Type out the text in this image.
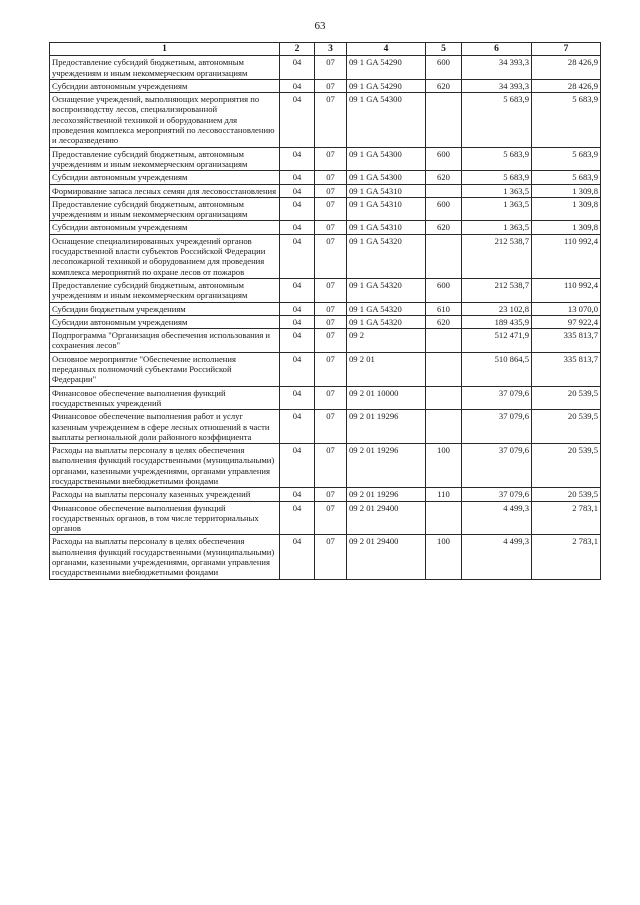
63
1	2	3	4	5	6	7
Предоставление субсидий бюджетным, автономным учреждениям и иным некоммерческим организациям	04	07	09 1 GA 54290	600	34 393,3	28 426,9
Субсидии автономным учреждениям	04	07	09 1 GA 54290	620	34 393,3	28 426,9
Оснащение учреждений, выполняющих мероприятия по воспроизводству лесов, специализированной лесохозяйственной техникой и оборудованием для проведения комплекса мероприятий по лесовосстановлению и лесоразведению	04	07	09 1 GA 54300		5 683,9	5 683,9
Предоставление субсидий бюджетным, автономным учреждениям и иным некоммерческим организациям	04	07	09 1 GA 54300	600	5 683,9	5 683,9
Субсидии автономным учреждениям	04	07	09 1 GA 54300	620	5 683,9	5 683,9
Формирование запаса лесных семян для лесовосстановления	04	07	09 1 GA 54310		1 363,5	1 309,8
Предоставление субсидий бюджетным, автономным учреждениям и иным некоммерческим организациям	04	07	09 1 GA 54310	600	1 363,5	1 309,8
Субсидии автономным учреждениям	04	07	09 1 GA 54310	620	1 363,5	1 309,8
Оснащение специализированных учреждений органов государственной власти субъектов Российской Федерации лесопожарной техникой и оборудованием для проведения комплекса мероприятий по охране лесов от пожаров	04	07	09 1 GA 54320		212 538,7	110 992,4
Предоставление субсидий бюджетным, автономным учреждениям и иным некоммерческим организациям	04	07	09 1 GA 54320	600	212 538,7	110 992,4
Субсидии бюджетным учреждениям	04	07	09 1 GA 54320	610	23 102,8	13 070,0
Субсидии автономным учреждениям	04	07	09 1 GA 54320	620	189 435,9	97 922,4
Подпрограмма "Организация обеспечения использования и сохранения лесов"	04	07	09 2		512 471,9	335 813,7
Основное мероприятие "Обеспечение исполнения переданных полномочий субъектами Российской Федерации"	04	07	09 2 01		510 864,5	335 813,7
Финансовое обеспечение выполнения функций государственных учреждений	04	07	09 2 01 10000		37 079,6	20 539,5
Финансовое обеспечение выполнения работ и услуг казенным учреждением в сфере лесных отношений в части выплаты региональной доли районного коэффициента	04	07	09 2 01 19296		37 079,6	20 539,5
Расходы на выплаты персоналу в целях обеспечения выполнения функций государственными (муниципальными) органами, казенными учреждениями, органами управления государственными внебюджетными фондами	04	07	09 2 01 19296	100	37 079,6	20 539,5
Расходы на выплаты персоналу казенных учреждений	04	07	09 2 01 19296	110	37 079,6	20 539,5
Финансовое обеспечение выполнения функций государственных органов, в том числе территориальных органов	04	07	09 2 01 29400		4 499,3	2 783,1
Расходы на выплаты персоналу в целях обеспечения выполнения функций государственными (муниципальными) органами, казенными учреждениями, органами управления государственными внебюджетными фондами	04	07	09 2 01 29400	100	4 499,3	2 783,1
